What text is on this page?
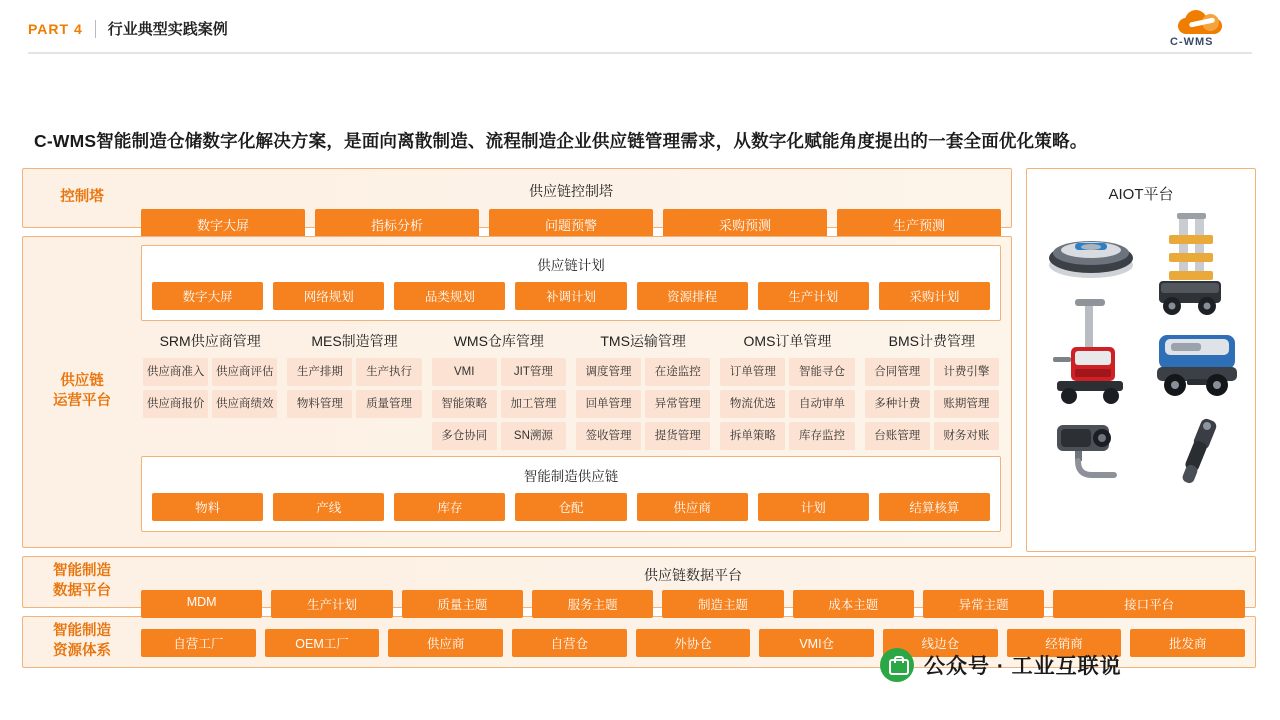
PART 4 行业典型实践案例
C-WMS
C-WMS智能制造仓储数字化解决方案，是面向离散制造、流程制造企业供应链管理需求，从数字化赋能角度提出的一套全面优化策略。
控制塔	供应链控制塔
数字大屏	指标分析	问题预警	采购预测	生产预测
供应链
运营平台
供应链计划
数字大屏	网络规划	品类规划	补调计划	资源排程	生产计划	采购计划
SRM供应商管理
供应商准入	供应商评估
供应商报价	供应商绩效
MES制造管理
生产排期	生产执行
物料管理	质量管理
WMS仓库管理
VMI	JIT管理
智能策略	加工管理
多仓协同	SN溯源
TMS运输管理
调度管理	在途监控
回单管理	异常管理
签收管理	提货管理
OMS订单管理
订单管理	智能寻仓
物流优选	自动审单
拆单策略	库存监控
BMS计费管理
合同管理	计费引擎
多种计费	账期管理
台账管理	财务对账
智能制造供应链
物料	产线	库存	仓配	供应商	计划	结算核算
智能制造
数据平台
供应链数据平台
MDM	生产计划	质量主题	服务主题	制造主题	成本主题	异常主题	接口平台
智能制造
资源体系	自营工厂	OEM工厂	供应商	自营仓	外协仓	VMI仓	线边仓	经销商	批发商
AIOT平台
公众号 · 工业互联说
